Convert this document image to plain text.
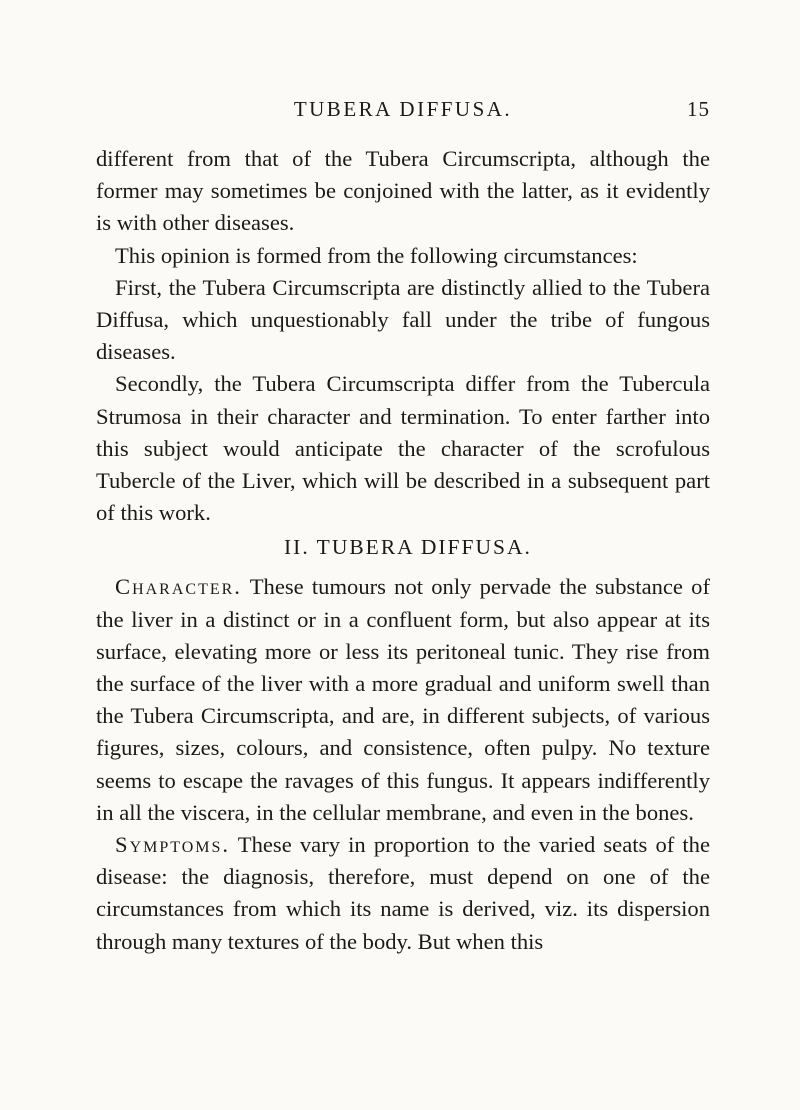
TUBERA DIFFUSA.	15

different from that of the Tubera Circumscripta, although the former may sometimes be conjoined with the latter, as it evidently is with other diseases.

This opinion is formed from the following circumstances:

First, the Tubera Circumscripta are distinctly allied to the Tubera Diffusa, which unquestionably fall under the tribe of fungous diseases.

Secondly, the Tubera Circumscripta differ from the Tubercula Strumosa in their character and termination. To enter farther into this subject would anticipate the character of the scrofulous Tubercle of the Liver, which will be described in a subsequent part of this work.

II. TUBERA DIFFUSA.

Character. These tumours not only pervade the substance of the liver in a distinct or in a confluent form, but also appear at its surface, elevating more or less its peritoneal tunic. They rise from the surface of the liver with a more gradual and uniform swell than the Tubera Circumscripta, and are, in different subjects, of various figures, sizes, colours, and consistence, often pulpy. No texture seems to escape the ravages of this fungus. It appears indifferently in all the viscera, in the cellular membrane, and even in the bones.

Symptoms. These vary in proportion to the varied seats of the disease: the diagnosis, therefore, must depend on one of the circumstances from which its name is derived, viz. its dispersion through many textures of the body. But when this
